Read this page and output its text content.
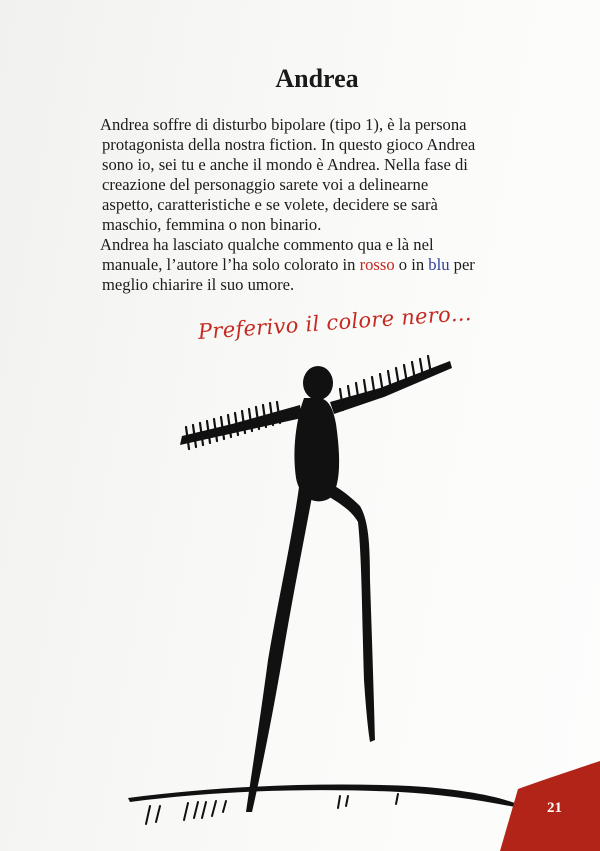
Andrea

Andrea soffre di disturbo bipolare (tipo 1), è la persona
protagonista della nostra fiction. In questo gioco Andrea
sono io, sei tu e anche il mondo è Andrea. Nella fase di
creazione del personaggio sarete voi a delinearne
aspetto, caratteristiche e se volete, decidere se sarà
maschio, femmina o non binario.

Andrea ha lasciato qualche commento qua e là nel
manuale, l’autore l’ha solo colorato in rosso o in blu per
meglio chiarire il suo umore.

Preferivo il colore nero...
21
